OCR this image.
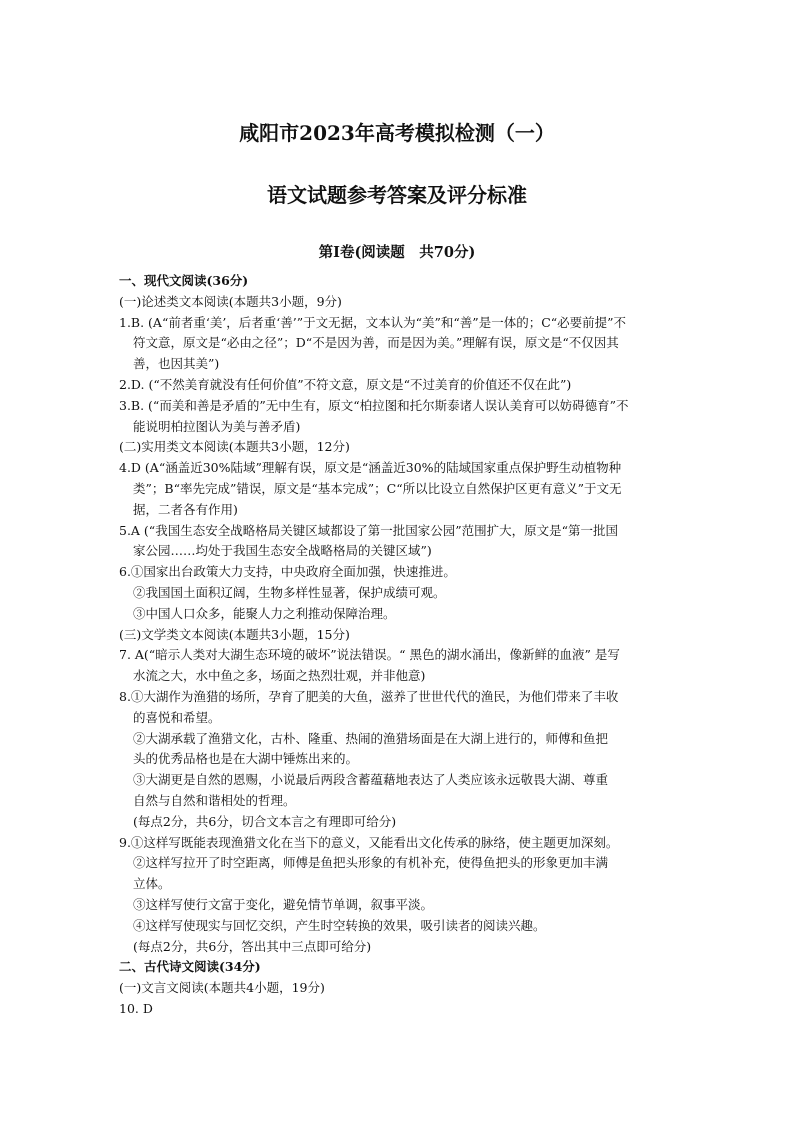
咸阳市2023年高考模拟检测（一）
语文试题参考答案及评分标准
第Ⅰ卷(阅读题　共70分)
一、现代文阅读(36分)
(一)论述类文本阅读(本题共3小题，9分)
1.B. (A“前者重‘美’，后者重‘善’”于文无据，文本认为“美”和“善”是一体的；C“必要前提”不
符文意，原文是“必由之径”；D“不是因为善，而是因为美。”理解有误，原文是“不仅因其
善，也因其美”)
2.D. (“不然美育就没有任何价值”不符文意，原文是“不过美育的价值还不仅在此”)
3.B. (“而美和善是矛盾的”无中生有，原文“柏拉图和托尔斯泰诸人误认美育可以妨碍德育”不
能说明柏拉图认为美与善矛盾)
(二)实用类文本阅读(本题共3小题，12分)
4.D (A“涵盖近30%陆域”理解有误，原文是“涵盖近30%的陆域国家重点保护野生动植物种
类”；B“率先完成”错误，原文是“基本完成”；C“所以比设立自然保护区更有意义”于文无
据，二者各有作用)
5.A (“我国生态安全战略格局关键区域都设了第一批国家公园”范围扩大，原文是“第一批国
家公园……均处于我国生态安全战略格局的关键区域”)
6.①国家出台政策大力支持，中央政府全面加强，快速推进。
②我国国土面积辽阔，生物多样性显著，保护成绩可观。
③中国人口众多，能聚人力之利推动保障治理。
(三)文学类文本阅读(本题共3小题，15分)
7. A(“暗示人类对大湖生态环境的破坏”说法错误。“ 黑色的湖水涌出，像新鲜的血液” 是写
水流之大，水中鱼之多，场面之热烈壮观，并非他意)
8.①大湖作为渔猎的场所，孕育了肥美的大鱼，滋养了世世代代的渔民，为他们带来了丰收
的喜悦和希望。
②大湖承载了渔猎文化，古朴、隆重、热闹的渔猎场面是在大湖上进行的，师傅和鱼把
头的优秀品格也是在大湖中锤炼出来的。
③大湖更是自然的恩赐，小说最后两段含蓄蕴藉地表达了人类应该永远敬畏大湖、尊重
自然与自然和谐相处的哲理。
(每点2分，共6分，切合文本言之有理即可给分)
9.①这样写既能表现渔猎文化在当下的意义，又能看出文化传承的脉络，使主题更加深刻。
②这样写拉开了时空距离，师傅是鱼把头形象的有机补充，使得鱼把头的形象更加丰满
立体。
③这样写使行文富于变化，避免情节单调，叙事平淡。
④这样写使现实与回忆交织，产生时空转换的效果，吸引读者的阅读兴趣。
(每点2分，共6分，答出其中三点即可给分)
二、古代诗文阅读(34分)
(一)文言文阅读(本题共4小题，19分)
10. D
